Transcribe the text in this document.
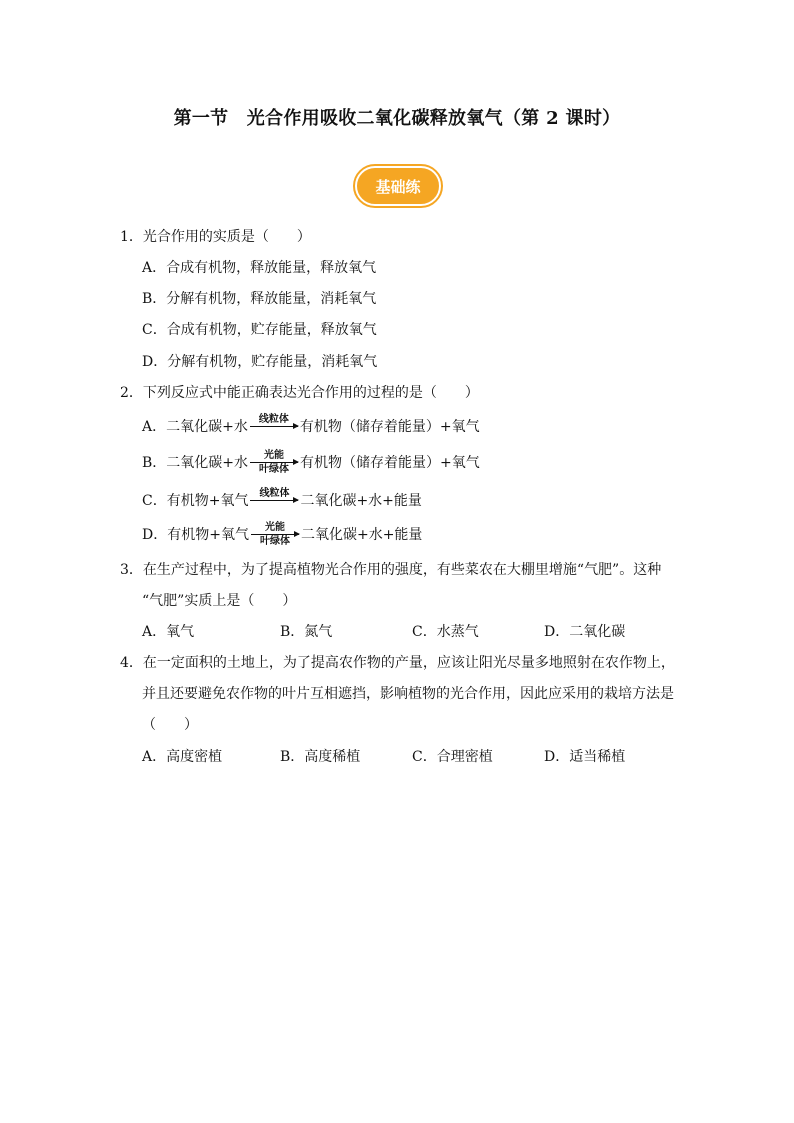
第一节　光合作用吸收二氧化碳释放氧气（第 2 课时）
基础练
1．光合作用的实质是（　　）
A．合成有机物，释放能量，释放氧气
B．分解有机物，释放能量，消耗氧气
C．合成有机物，贮存能量，释放氧气
D．分解有机物，贮存能量，消耗氧气
2．下列反应式中能正确表达光合作用的过程的是（　　）
A． 二氧化碳+水 线粒体 有机物（储存着能量）+氧气
B． 二氧化碳+水 光能
叶绿体 有机物（储存着能量）+氧气
C． 有机物+氧气 线粒体 二氧化碳+水+能量
D． 有机物+氧气 光能
叶绿体 二氧化碳+水+能量
3．在生产过程中，为了提高植物光合作用的强度，有些菜农在大棚里增施“气肥”。这种
“气肥”实质上是（　　）
A．氧气	B．氮气	C．水蒸气	D．二氧化碳
4．在一定面积的土地上，为了提高农作物的产量，应该让阳光尽量多地照射在农作物上，
并且还要避免农作物的叶片互相遮挡，影响植物的光合作用，因此应采用的栽培方法是
（　　）
A．高度密植	B．高度稀植	C．合理密植	D．适当稀植
